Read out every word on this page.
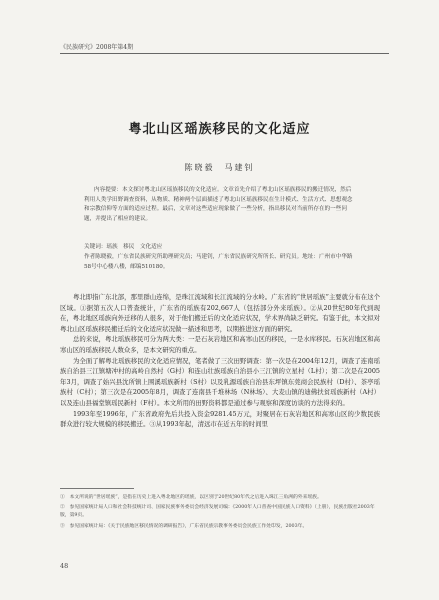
《民族研究》2008年第4期
粤北山区瑶族移民的文化适应
陈晓毅　马建钊

内容提要：本文探讨粤北山区瑶族移民的文化适应。文章首先介绍了粤北山区瑶族移民的搬迁情况，然后利用人类学田野调查资料，从物质、精神两个层面描述了粤北山区瑶族移民在生计模式、生活方式、思想观念和宗教信仰等方面的适应过程。最后，文章对这些适应现象做了一些分析，指出移民对当前所存在的一些问题，并提出了相应的建议。

关键词：瑶族　移民　文化适应
作者陈晓毅，广东省民族研究所助理研究员；马建钊，广东省民族研究所所长、研究员。地址：广州市中华路58号中心楼八楼，邮编510180。

粤北即指广东北部，那里群山连绵，是珠江流域和长江流域的分水岭。广东省的“世居瑶族”主要就分布在这个区域。①据第五次人口普查统计，广东省的瑶族有202,667人（包括部分外来瑶族）。②从20世纪80年代到现在，粤北地区瑶族向外迁移的人很多，对于他们搬迁后的文化适应状况，学术界尚缺乏研究。有鉴于此，本文拟对粤北山区瑶族移民搬迁后的文化适应状况做一描述和思考，以期推进这方面的研究。

总的来说，粤北瑶族移民可分为两大类：一是石灰岩地区和高寒山区的移民，一是水库移民。石灰岩地区和高寒山区的瑶族移民人数众多，是本文研究的重点。

为全面了解粤北瑶族移民的文化适应情况，笔者做了三次田野调查：第一次是在2004年12月，调查了连南瑶族自治县三江镇塘冲村的高岭自然村（G村）和连山壮族瑶族自治县小三江镇的立星村（L村）；第二次是在2005年3月，调查了始兴县沈所镇上围溪瑶族新村（S村）以及乳源瑶族自治县东坪镇东莞商会民族村（D村）、茶亭瑶族村（C村）；第三次是在2005年8月，调查了连南县千堆林场（N林场）、大麦山镇的迪佛扶贫瑶族新村（A村）以及连山县福堂镇瑶民新村（F村）。本文所用的田野资料都是通过参与观察和深度访谈的方法得来的。

1993年至1996年，广东省政府先后共投入资金9281.45万元，对聚居在石灰岩地区和高寒山区的少数民族群众进行较大规模的移民搬迁。③从1993年起，清远市在近五年的时间里

①　本文所说的“世居瑶族”，是指在历史上进入粤北地区的瑶族，以区别于20世纪80年代之后进入珠江三角洲的外来瑶族。

②　参见国家统计局人口和社会科技统计司、国家民族事务委员会经济发展司编：《2000年人口普查中国民族人口资料》（上册），民族出版社2003年版，第9页。

③　参见国家统计局：《关于民族地区移民情况的调研报告》，广东省民族宗教事务委员会民族工作处印发，2003年。

48
